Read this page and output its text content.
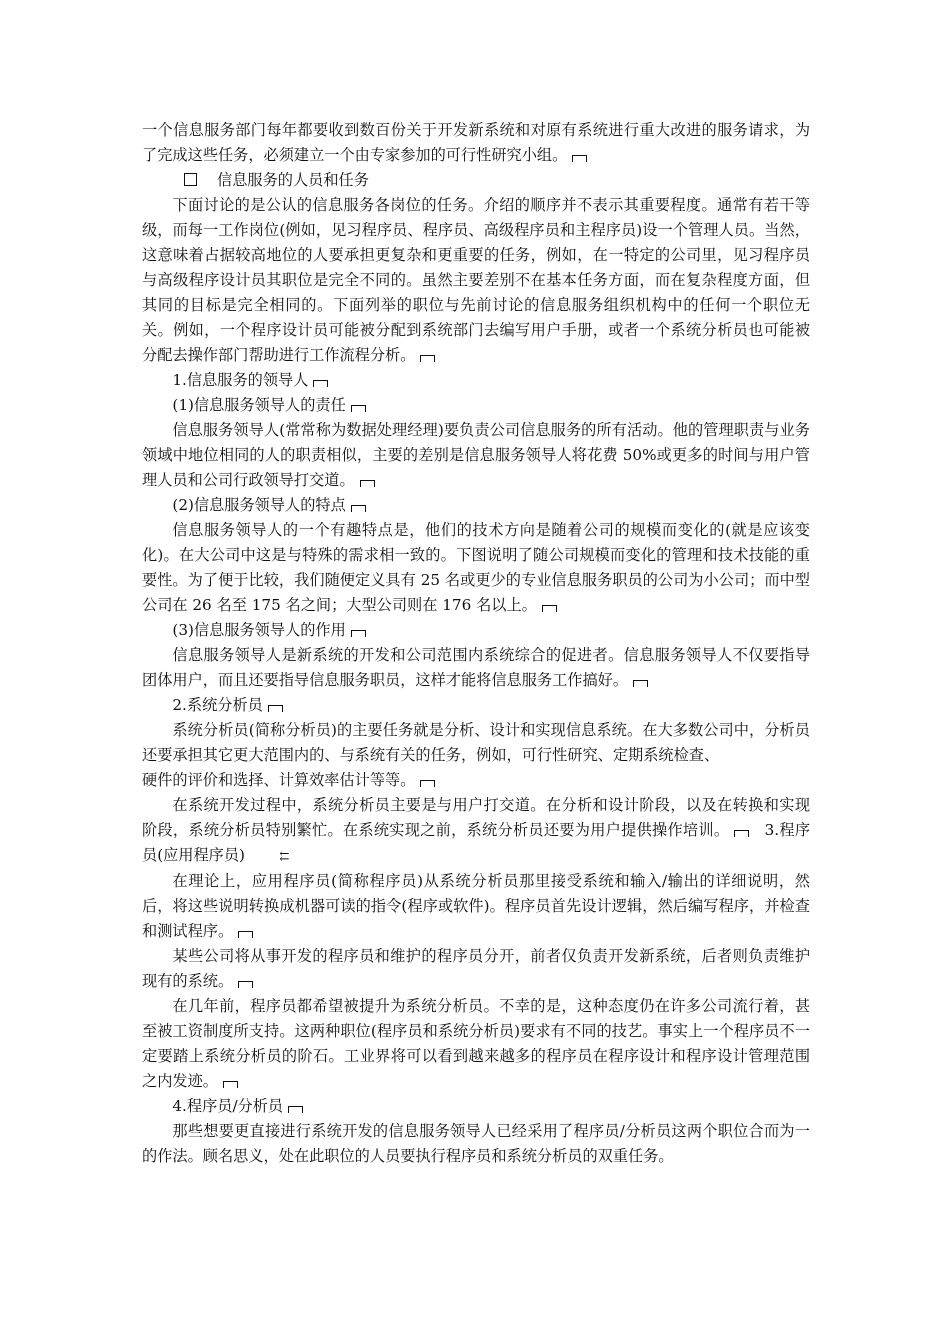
一个信息服务部门每年都要收到数百份关于开发新系统和对原有系统进行重大改进的服务请求，为了完成这些任务，必须建立一个由专家参加的可行性研究小组。

信息服务的人员和任务

下面讨论的是公认的信息服务各岗位的任务。介绍的顺序并不表示其重要程度。通常有若干等级，而每一工作岗位(例如，见习程序员、程序员、高级程序员和主程序员)设一个管理人员。当然，这意味着占据较高地位的人要承担更复杂和更重要的任务，例如，在一特定的公司里，见习程序员与高级程序设计员其职位是完全不同的。虽然主要差别不在基本任务方面，而在复杂程度方面，但其同的目标是完全相同的。下面列举的职位与先前讨论的信息服务组织机构中的任何一个职位无关。例如，一个程序设计员可能被分配到系统部门去编写用户手册，或者一个系统分析员也可能被分配去操作部门帮助进行工作流程分析。

1.信息服务的领导人

(1)信息服务领导人的责任

信息服务领导人(常常称为数据处理经理)要负责公司信息服务的所有活动。他的管理职责与业务领域中地位相同的人的职责相似，主要的差别是信息服务领导人将花费 50%或更多的时间与用户管理人员和公司行政领导打交道。

(2)信息服务领导人的特点

信息服务领导人的一个有趣特点是，他们的技术方向是随着公司的规模而变化的(就是应该变化)。在大公司中这是与特殊的需求相一致的。下图说明了随公司规模而变化的管理和技术技能的重要性。为了便于比较，我们随便定义具有 25 名或更少的专业信息服务职员的公司为小公司；而中型公司在 26 名至 175 名之间；大型公司则在 176 名以上。

(3)信息服务领导人的作用

信息服务领导人是新系统的开发和公司范围内系统综合的促进者。信息服务领导人不仅要指导团体用户，而且还要指导信息服务职员，这样才能将信息服务工作搞好。

2.系统分析员

系统分析员(简称分析员)的主要任务就是分析、设计和实现信息系统。在大多数公司中，分析员还要承担其它更大范围内的、与系统有关的任务，例如，可行性研究、定期系统检查、

硬件的评价和选择、计算效率估计等等。

在系统开发过程中，系统分析员主要是与用户打交道。在分析和设计阶段，以及在转换和实现阶段，系统分析员特别繁忙。在系统实现之前，系统分析员还要为用户提供操作培训。 3.程序员(应用程序员)	⇇

在理论上，应用程序员(简称程序员)从系统分析员那里接受系统和输入/输出的详细说明，然后，将这些说明转换成机器可读的指令(程序或软件)。程序员首先设计逻辑，然后编写程序，并检查和测试程序。

某些公司将从事开发的程序员和维护的程序员分开，前者仅负责开发新系统，后者则负责维护现有的系统。

在几年前，程序员都希望被提升为系统分析员。不幸的是，这种态度仍在许多公司流行着，甚至被工资制度所支持。这两种职位(程序员和系统分析员)要求有不同的技艺。事实上一个程序员不一定要踏上系统分析员的阶石。工业界将可以看到越来越多的程序员在程序设计和程序设计管理范围之内发迹。

4.程序员/分析员

那些想要更直接进行系统开发的信息服务领导人已经采用了程序员/分析员这两个职位合而为一的作法。顾名思义，处在此职位的人员要执行程序员和系统分析员的双重任务。
